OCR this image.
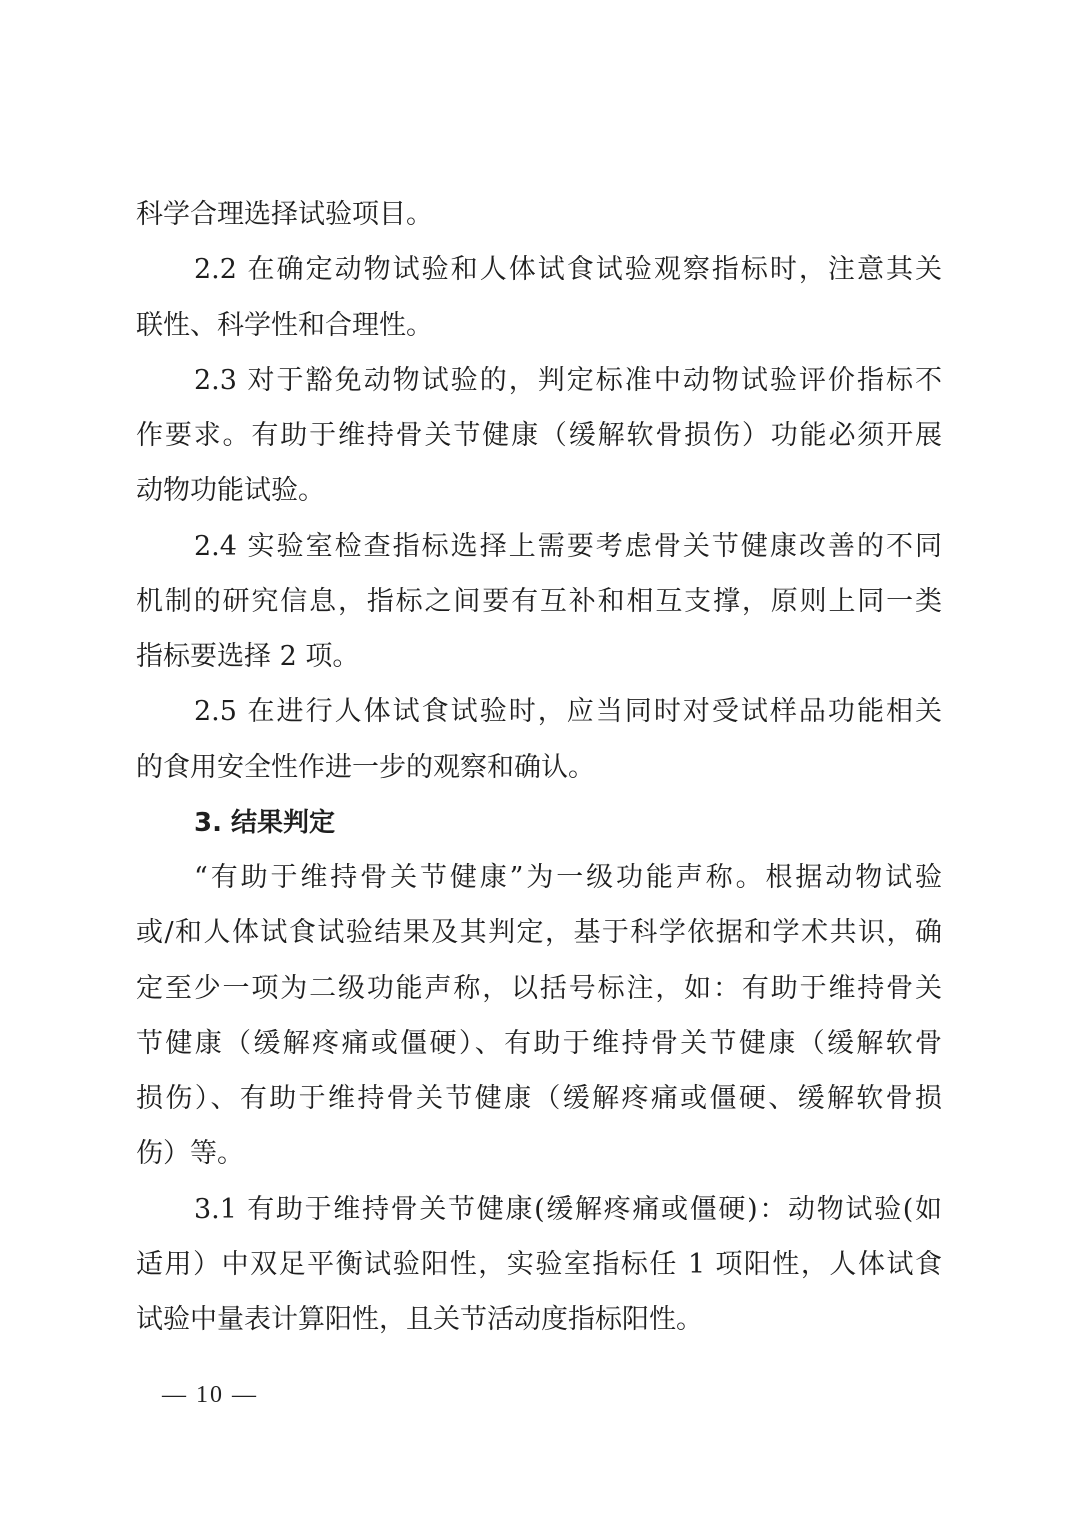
科学合理选择试验项目。
2.2 在确定动物试验和人体试食试验观察指标时，注意其关
联性、科学性和合理性。
2.3 对于豁免动物试验的，判定标准中动物试验评价指标不
作要求。有助于维持骨关节健康（缓解软骨损伤）功能必须开展
动物功能试验。
2.4 实验室检查指标选择上需要考虑骨关节健康改善的不同
机制的研究信息，指标之间要有互补和相互支撑，原则上同一类
指标要选择 2 项。
2.5 在进行人体试食试验时，应当同时对受试样品功能相关
的食用安全性作进一步的观察和确认。
3. 结果判定
“有助于维持骨关节健康”为一级功能声称。根据动物试验
或/和人体试食试验结果及其判定，基于科学依据和学术共识，确
定至少一项为二级功能声称，以括号标注，如：有助于维持骨关
节健康（缓解疼痛或僵硬）、有助于维持骨关节健康（缓解软骨
损伤）、有助于维持骨关节健康（缓解疼痛或僵硬、缓解软骨损
伤）等。
3.1 有助于维持骨关节健康(缓解疼痛或僵硬)：动物试验(如
适用）中双足平衡试验阳性，实验室指标任 1 项阳性，人体试食
试验中量表计算阳性，且关节活动度指标阳性。
— 10 —
